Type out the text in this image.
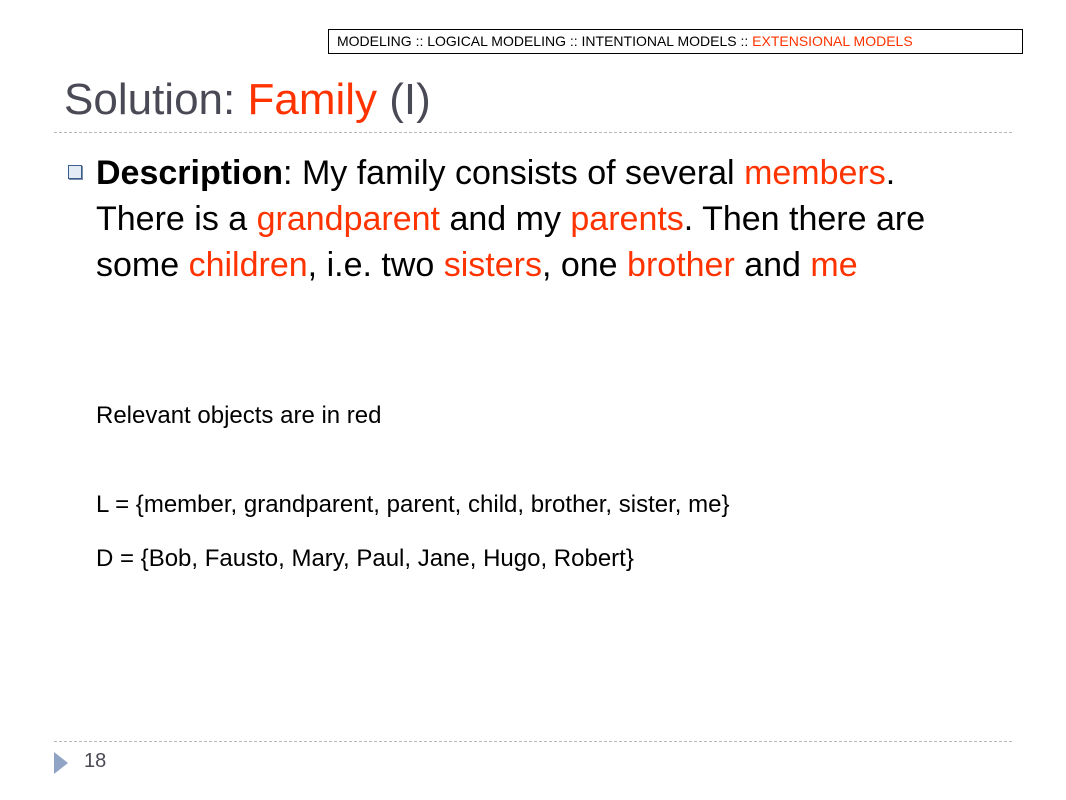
MODELING :: LOGICAL MODELING :: INTENTIONAL MODELS :: EXTENSIONAL MODELS
Solution: Family (I)
Description: My family consists of several members. There is a grandparent and my parents. Then there are some children, i.e. two sisters, one brother and me
Relevant objects are in red
L = {member, grandparent, parent, child, brother, sister, me}
D = {Bob, Fausto, Mary, Paul, Jane, Hugo, Robert}
18
